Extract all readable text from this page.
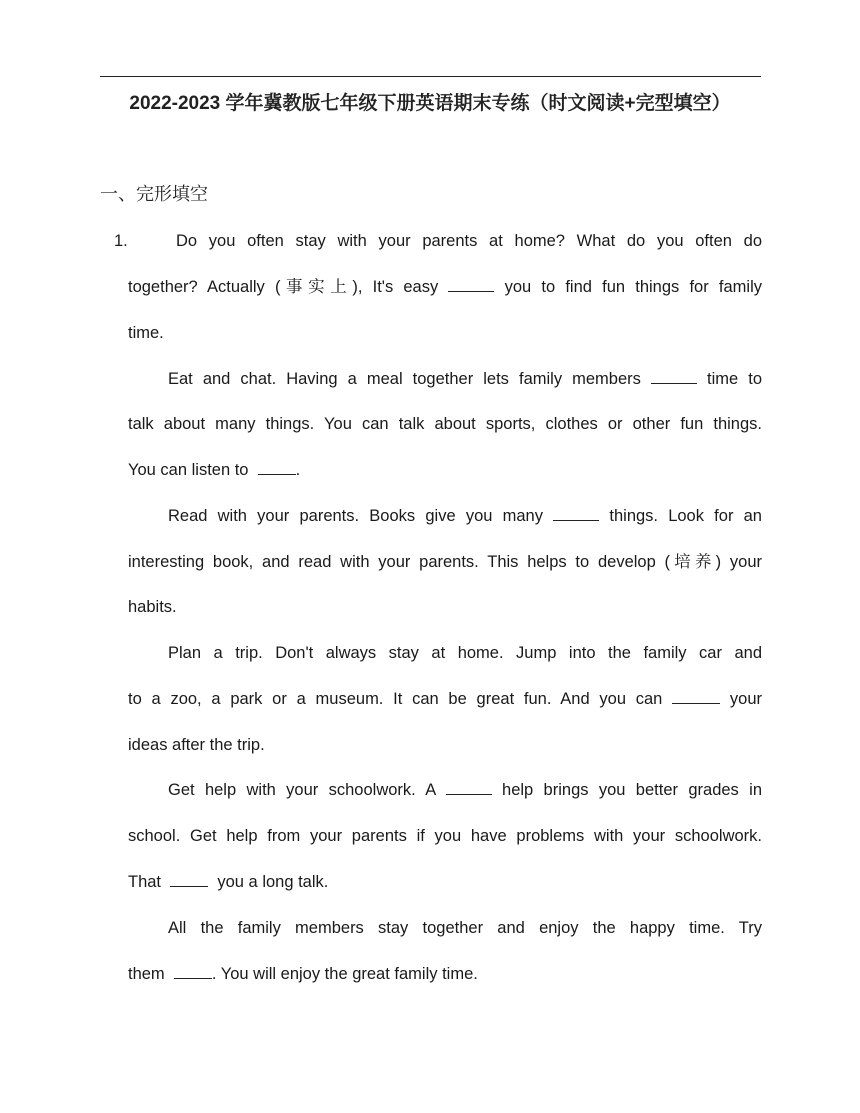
2022-2023 学年冀教版七年级下册英语期末专练（时文阅读+完型填空）
一、完形填空
1.	Do you often stay with your parents at home? What do you often do
together? Actually (事实上), It's easy	you to find fun things for family
time.
Eat and chat. Having a meal together lets family members	time to
talk about many things. You can talk about sports, clothes or other fun things.
You can listen to	.
Read with your parents. Books give you many	things. Look for an
interesting book, and read with your parents. This helps to develop (培养) your
habits.
Plan a trip. Don't always stay at home. Jump into the family car and
to a zoo, a park or a museum. It can be great fun. And you can	your
ideas after the trip.
Get help with your schoolwork. A	help brings you better grades in
school. Get help from your parents if you have problems with your schoolwork.
That	you a long talk.
All the family members stay together and enjoy the happy time. Try
them	. You will enjoy the great family time.
